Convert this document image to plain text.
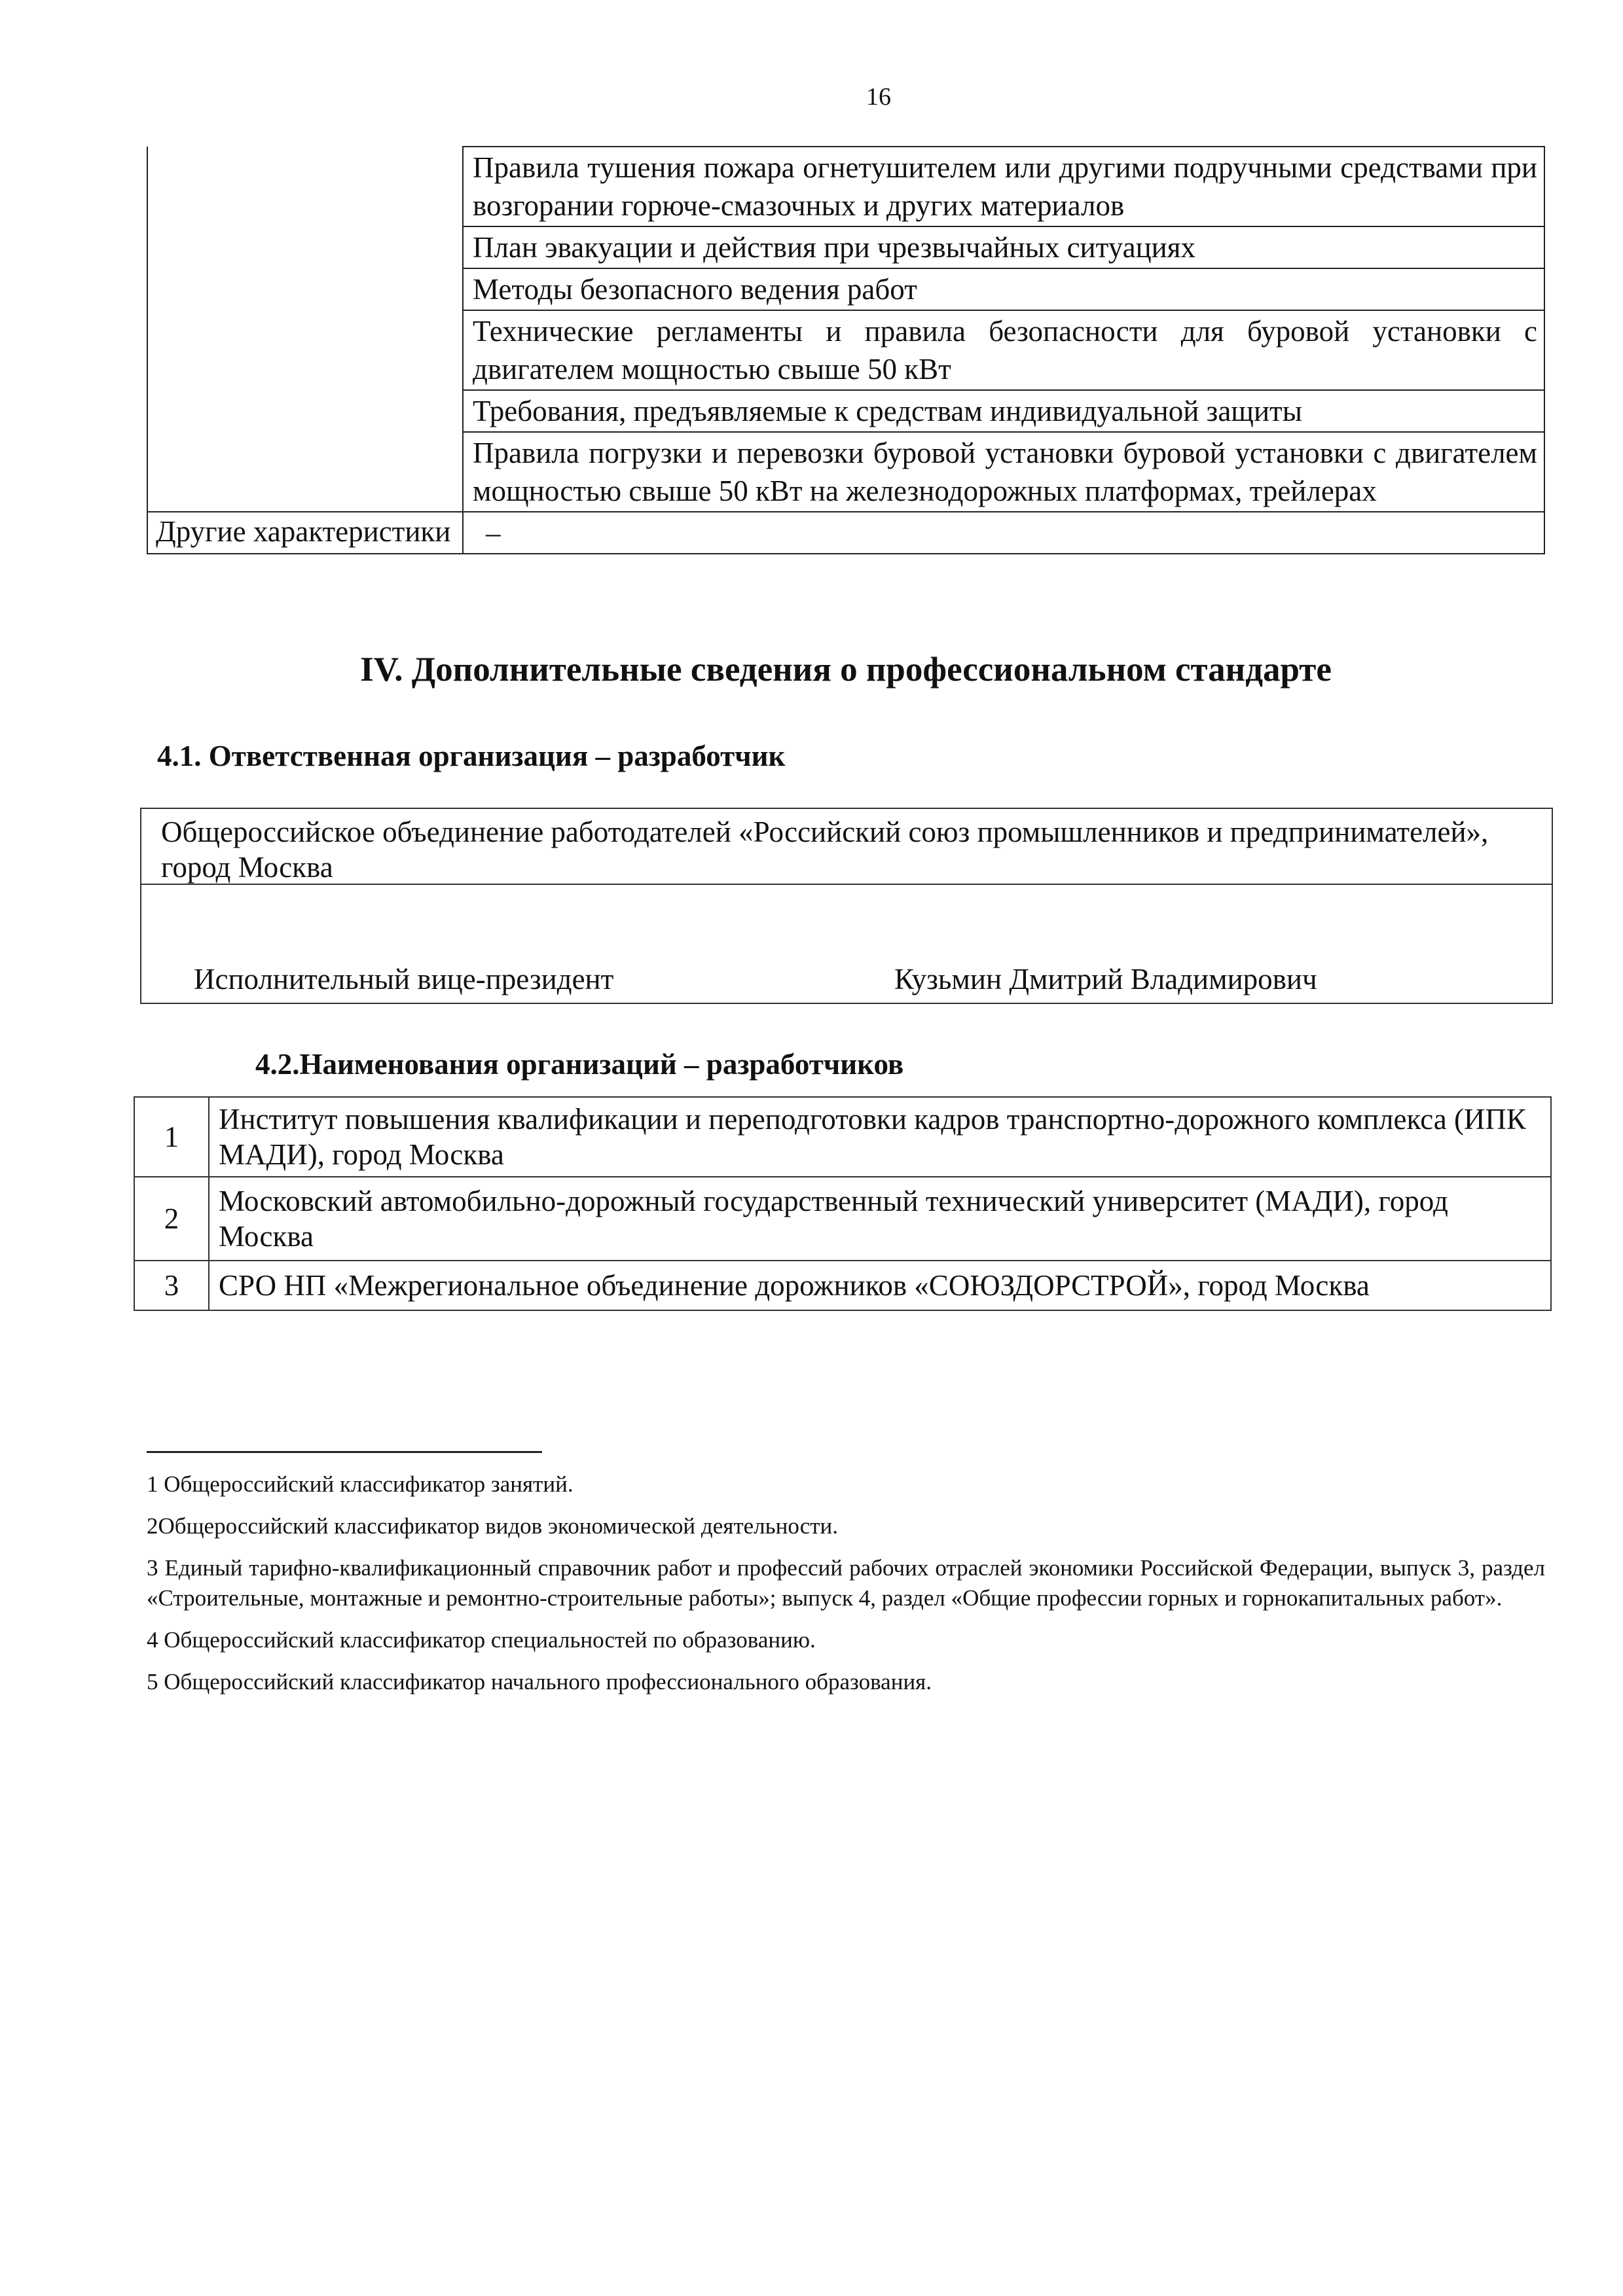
16
	Правила тушения пожара огнетушителем или другими подручными средствами при возгорании горюче-смазочных и других материалов
	План эвакуации и действия при чрезвычайных ситуациях
	Методы безопасного ведения работ
	Технические регламенты и правила безопасности для буровой установки с двигателем мощностью свыше 50 кВт
	Требования, предъявляемые к средствам индивидуальной защиты
	Правила погрузки и перевозки буровой установки буровой установки с двигателем мощностью свыше 50 кВт на железнодорожных платформах, трейлерах
Другие характеристики	–
IV. Дополнительные сведения о профессиональном стандарте
4.1. Ответственная организация – разработчик
Общероссийское объединение работодателей «Российский союз промышленников и предпринимателей», город Москва
Исполнительный вице-президент	Кузьмин Дмитрий Владимирович
4.2.Наименования организаций – разработчиков
1	Институт повышения квалификации и переподготовки кадров транспортно-дорожного комплекса (ИПК МАДИ), город Москва
2	Московский автомобильно-дорожный государственный технический университет (МАДИ), город Москва
3	СРО НП «Межрегиональное объединение дорожников «СОЮЗДОРСТРОЙ», город Москва
1 Общероссийский классификатор занятий.
2Общероссийский классификатор видов экономической деятельности.
3 Единый тарифно-квалификационный справочник работ и профессий рабочих отраслей экономики Российской Федерации, выпуск 3, раздел «Строительные, монтажные и ремонтно-строительные работы»; выпуск 4, раздел «Общие профессии горных и горнокапитальных работ».
4 Общероссийский классификатор специальностей по образованию.
5 Общероссийский классификатор начального профессионального образования.
